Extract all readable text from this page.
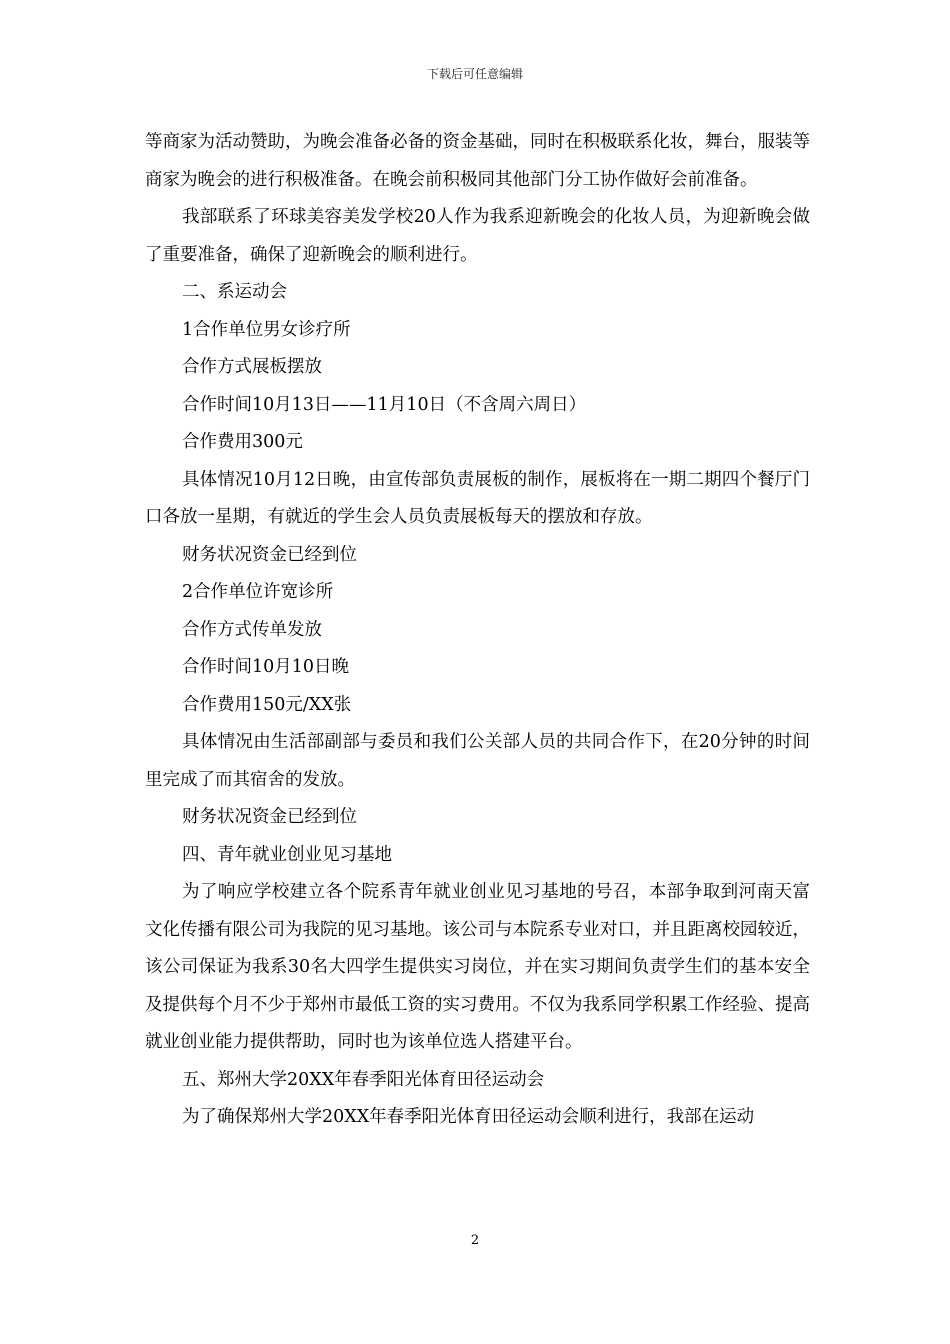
下载后可任意编辑

等商家为活动赞助，为晚会准备必备的资金基础，同时在积极联系化妆，舞台，服装等商家为晚会的进行积极准备。在晚会前积极同其他部门分工协作做好会前准备。

我部联系了环球美容美发学校20人作为我系迎新晚会的化妆人员，为迎新晚会做了重要准备，确保了迎新晚会的顺利进行。

二、系运动会

1合作单位男女诊疗所

合作方式展板摆放

合作时间10月13日——11月10日（不含周六周日）

合作费用300元

具体情况10月12日晚，由宣传部负责展板的制作，展板将在一期二期四个餐厅门口各放一星期，有就近的学生会人员负责展板每天的摆放和存放。

财务状况资金已经到位

2合作单位许宽诊所

合作方式传单发放

合作时间10月10日晚

合作费用150元/XX张

具体情况由生活部副部与委员和我们公关部人员的共同合作下，在20分钟的时间里完成了而其宿舍的发放。

财务状况资金已经到位

四、青年就业创业见习基地

为了响应学校建立各个院系青年就业创业见习基地的号召，本部争取到河南天富文化传播有限公司为我院的见习基地。该公司与本院系专业对口，并且距离校园较近，该公司保证为我系30名大四学生提供实习岗位，并在实习期间负责学生们的基本安全及提供每个月不少于郑州市最低工资的实习费用。不仅为我系同学积累工作经验、提高就业创业能力提供帮助，同时也为该单位选人搭建平台。

五、郑州大学20XX年春季阳光体育田径运动会

为了确保郑州大学20XX年春季阳光体育田径运动会顺利进行，我部在运动

2
